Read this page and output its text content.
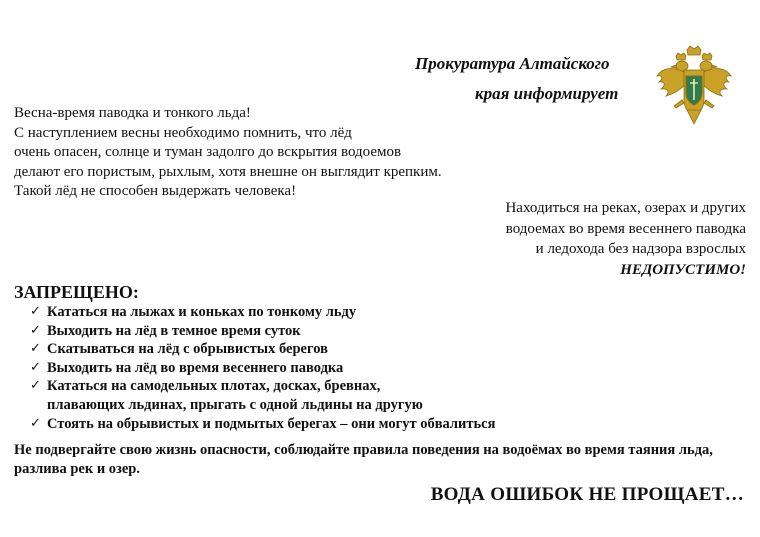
Прокуратура Алтайского

края информирует

Весна-время паводка и тонкого льда!

С наступлением весны необходимо помнить, что лёд

очень опасен, солнце и туман задолго до вскрытия водоемов

делают его пористым, рыхлым, хотя внешне он выглядит крепким.

Такой лёд не способен выдержать человека!

Находиться на реках, озерах и других

водоемах во время весеннего паводка

и ледохода без надзора взрослых

НЕДОПУСТИМО!

ЗАПРЕЩЕНО:
✓ Кататься на лыжах и коньках по тонкому льду
✓ Выходить на лёд в темное время суток
✓ Скатываться на лёд с обрывистых берегов
✓ Выходить на лёд во время весеннего паводка
✓ Кататься на самодельных плотах, досках, бревнах,
плавающих льдинах, прыгать с одной льдины на другую
✓ Стоять на обрывистых и подмытых берегах – они могут обвалиться

Не подвергайте свою жизнь опасности, соблюдайте правила поведения на водоёмах во время таяния льда, разлива рек и озер.

ВОДА ОШИБОК НЕ ПРОЩАЕТ…
